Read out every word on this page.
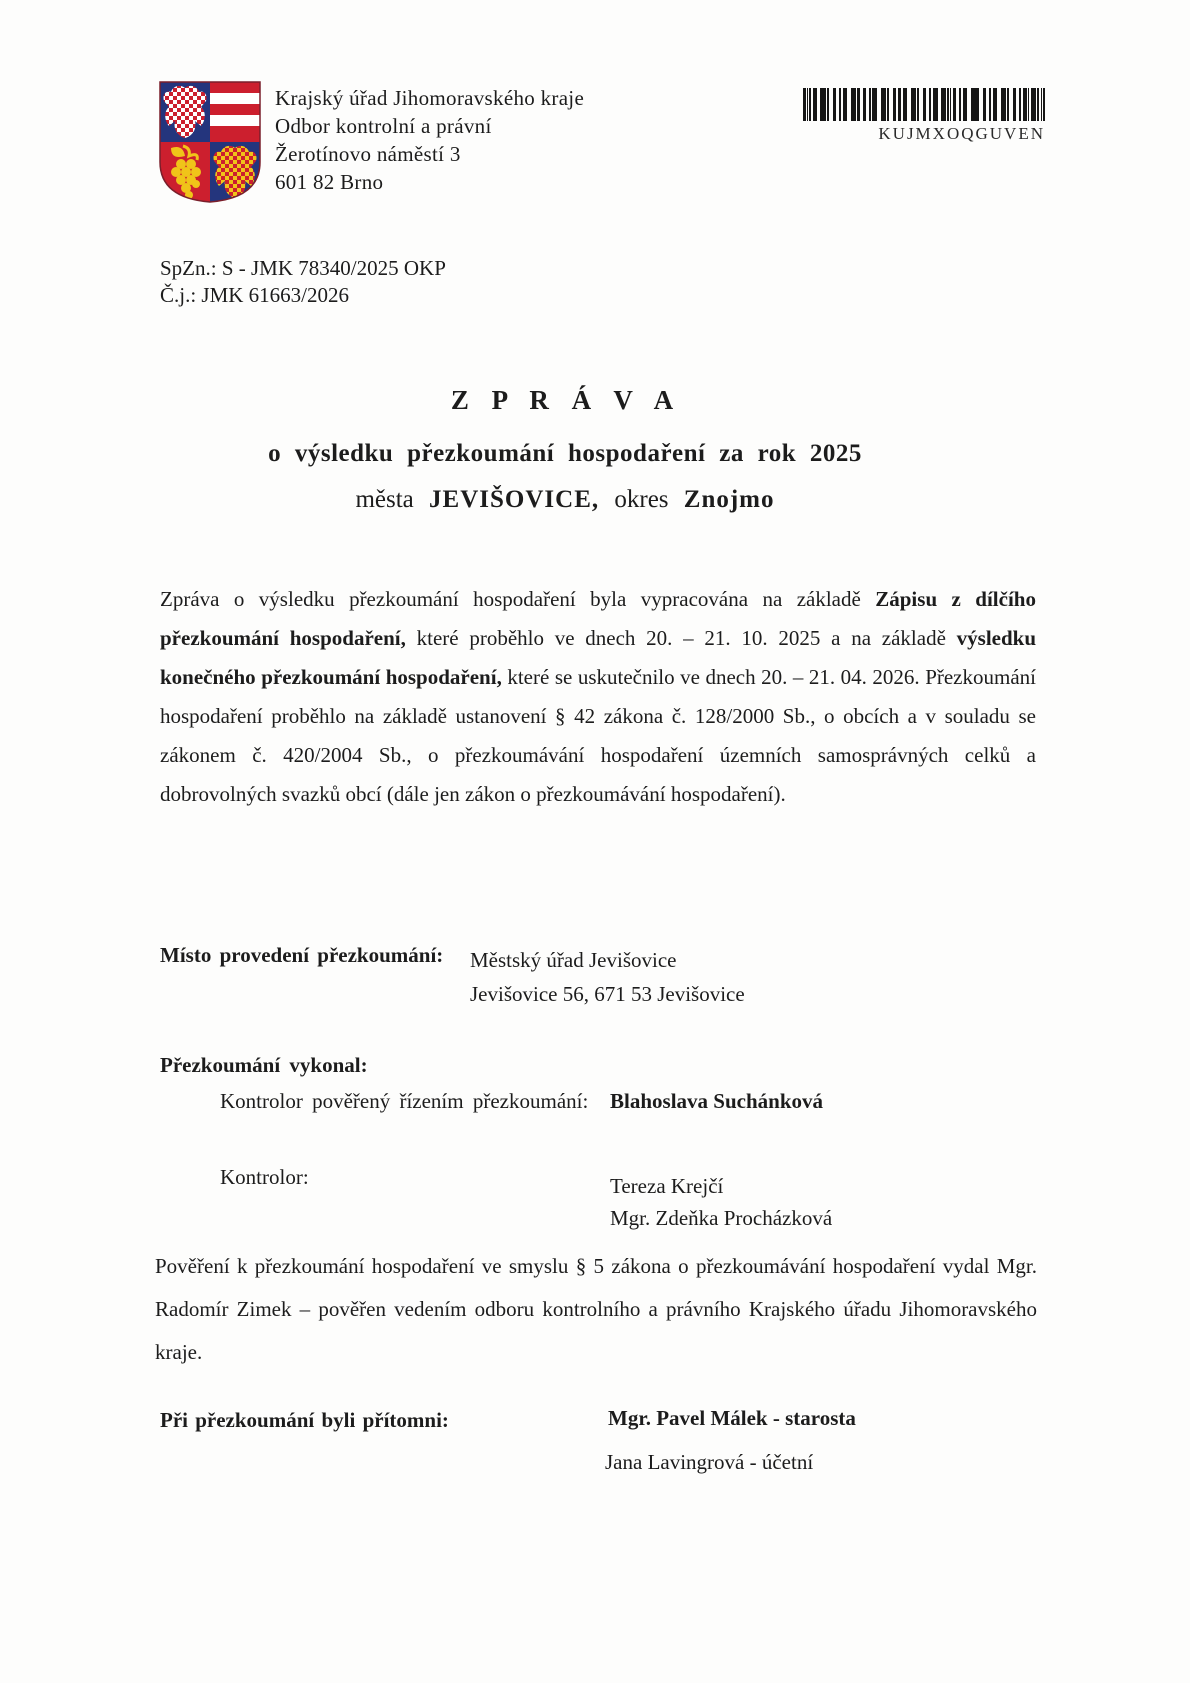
Krajský úřad Jihomoravského kraje
Odbor kontrolní a právní
Žerotínovo náměstí 3
601 82 Brno
KUJMXOQGUVEN
SpZn.: S - JMK 78340/2025 OKP
Č.j.: JMK 61663/2026
Z P R Á V A
o výsledku přezkoumání hospodaření za rok 2025
města JEVIŠOVICE, okres Znojmo

Zpráva o výsledku přezkoumání hospodaření byla vypracována na základě Zápisu z dílčího přezkoumání hospodaření, které proběhlo ve dnech 20. – 21. 10. 2025 a na základě výsledku konečného přezkoumání hospodaření, které se uskutečnilo ve dnech 20. – 21. 04. 2026. Přezkoumání hospodaření proběhlo na základě ustanovení § 42 zákona č. 128/2000 Sb., o obcích a v souladu se zákonem č. 420/2004 Sb., o přezkoumávání hospodaření územních samosprávných celků a dobrovolných svazků obcí (dále jen zákon o přezkoumávání hospodaření).

Místo provedení přezkoumání: Městský úřad Jevišovice
Jevišovice 56, 671 53 Jevišovice
Přezkoumání vykonal:
Kontrolor pověřený řízením přezkoumání: Blahoslava Suchánková
Kontrolor:	Tereza Krejčí
Mgr. Zdeňka Procházková

Pověření k přezkoumání hospodaření ve smyslu § 5 zákona o přezkoumávání hospodaření vydal Mgr. Radomír Zimek – pověřen vedením odboru kontrolního a právního Krajského úřadu Jihomoravského kraje.

Při přezkoumání byli přítomni:	Mgr. Pavel Málek - starosta
Jana Lavingrová - účetní
